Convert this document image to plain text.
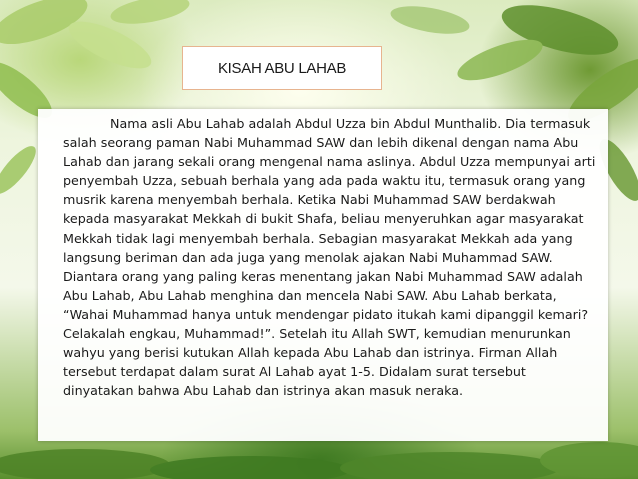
KISAH ABU LAHAB

Nama asli Abu Lahab adalah Abdul Uzza bin Abdul Munthalib. Dia termasuk salah seorang paman Nabi Muhammad SAW dan lebih dikenal dengan nama Abu Lahab dan jarang sekali orang mengenal nama aslinya. Abdul Uzza mempunyai arti penyembah Uzza, sebuah berhala yang ada pada waktu itu, termasuk orang yang musrik karena menyembah berhala. Ketika Nabi Muhammad SAW berdakwah kepada masyarakat Mekkah di bukit Shafa, beliau menyeruhkan agar masyarakat Mekkah tidak lagi menyembah berhala. Sebagian masyarakat Mekkah ada yang langsung beriman dan ada juga yang menolak ajakan Nabi Muhammad SAW. Diantara orang yang paling keras menentang jakan Nabi Muhammad SAW adalah Abu Lahab, Abu Lahab menghina dan mencela Nabi SAW. Abu Lahab berkata, “Wahai Muhammad hanya untuk mendengar pidato itukah kami dipanggil kemari? Celakalah engkau, Muhammad!”. Setelah itu Allah SWT, kemudian menurunkan wahyu yang berisi kutukan Allah kepada Abu Lahab dan istrinya. Firman Allah tersebut terdapat dalam surat Al Lahab ayat 1-5. Didalam surat tersebut dinyatakan bahwa Abu Lahab dan istrinya akan masuk neraka.
